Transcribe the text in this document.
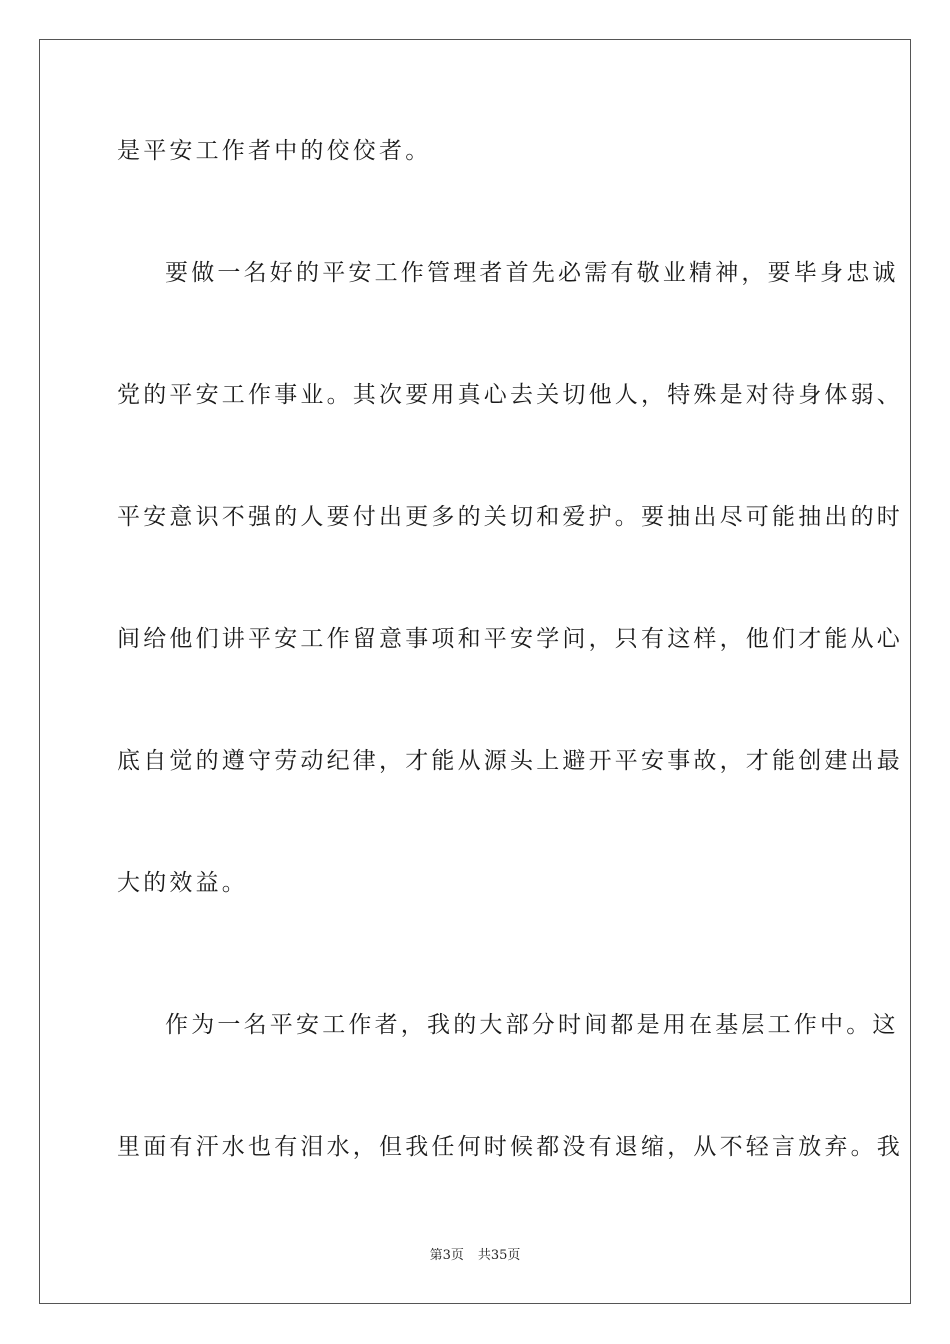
是平安工作者中的佼佼者。
要做一名好的平安工作管理者首先必需有敬业精神，要毕身忠诚
党的平安工作事业。其次要用真心去关切他人，特殊是对待身体弱、
平安意识不强的人要付出更多的关切和爱护。要抽出尽可能抽出的时
间给他们讲平安工作留意事项和平安学问，只有这样，他们才能从心
底自觉的遵守劳动纪律，才能从源头上避开平安事故，才能创建出最
大的效益。
作为一名平安工作者，我的大部分时间都是用在基层工作中。这
里面有汗水也有泪水，但我任何时候都没有退缩，从不轻言放弃。我
第3页 共35页
